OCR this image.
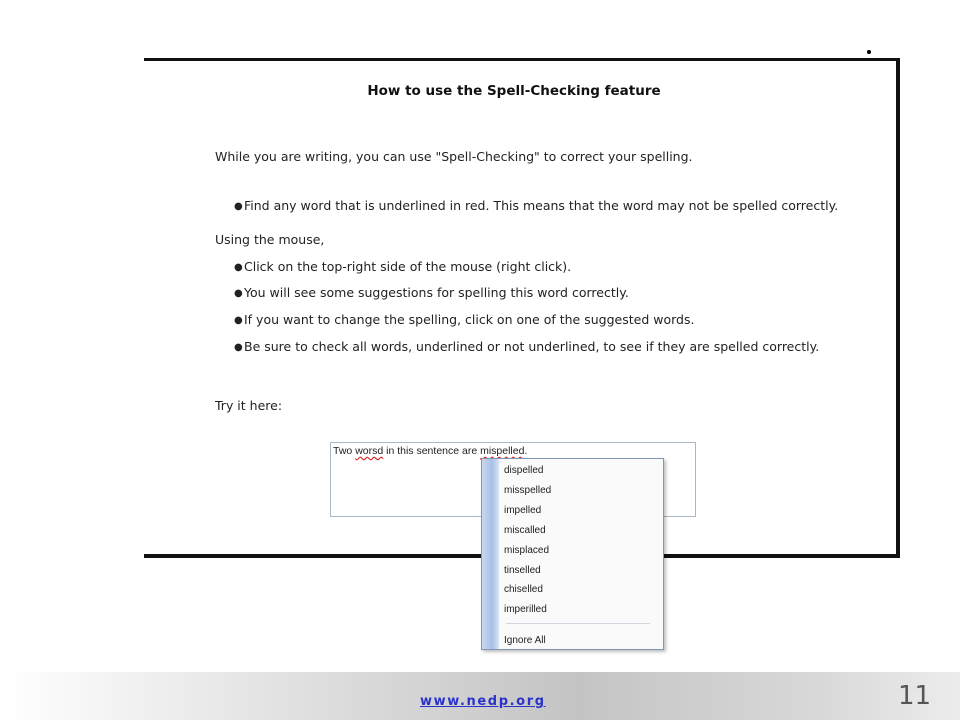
How to use the Spell-Checking feature
While you are writing, you can use "Spell-Checking" to correct your spelling.
●Find any word that is underlined in red. This means that the word may not be spelled correctly.
Using the mouse,
●Click on the top-right side of the mouse (right click).
●You will see some suggestions for spelling this word correctly.
●If you want to change the spelling, click on one of the suggested words.
●Be sure to check all words, underlined or not underlined, to see if they are spelled correctly.
Try it here:
Two worsd in this sentence are mispelled.
dispelled
misspelled
impelled
miscalled
misplaced
tinselled
chiselled
imperilled
Ignore All
www.nedp.org	11
